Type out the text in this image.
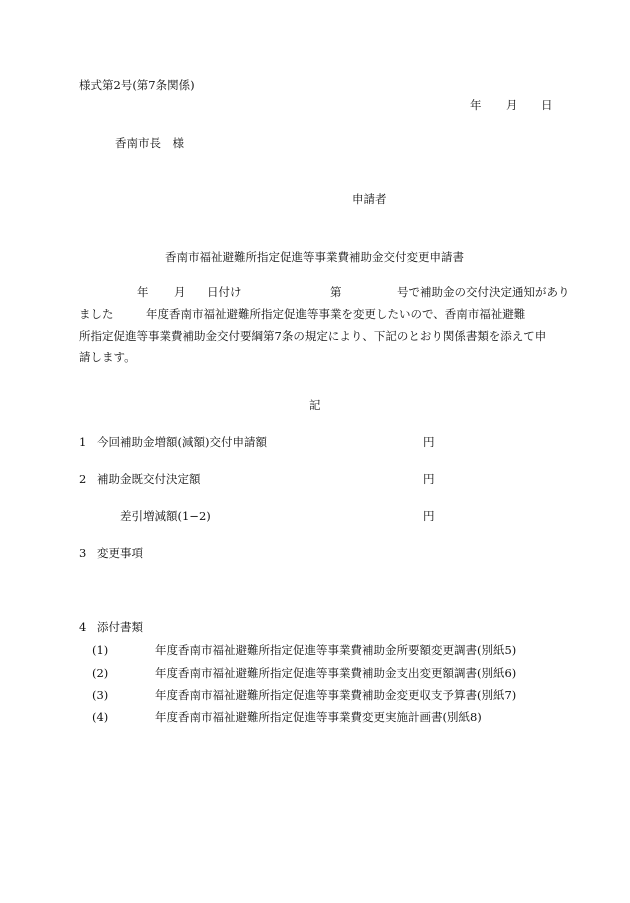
様式第2号(第7条関係)
年 月 日
香南市長　様
申請者
香南市福祉避難所指定促進等事業費補助金交付変更申請書
年 月 日付け	第	号で補助金の交付決定通知があり
ました	年度香南市福祉避難所指定促進等事業を変更したいので、香南市福祉避難
所指定促進等事業費補助金交付要綱第7条の規定により、下記のとおり関係書類を添えて申
請します。
記
1 今回補助金増額(減額)交付申請額	円
2 補助金既交付決定額	円
差引増減額(1−2)	円
3 変更事項
4 添付書類
(1)	年度香南市福祉避難所指定促進等事業費補助金所要額変更調書(別紙5)
(2)	年度香南市福祉避難所指定促進等事業費補助金支出変更額調書(別紙6)
(3)	年度香南市福祉避難所指定促進等事業費補助金変更収支予算書(別紙7)
(4)	年度香南市福祉避難所指定促進等事業費変更実施計画書(別紙8)
